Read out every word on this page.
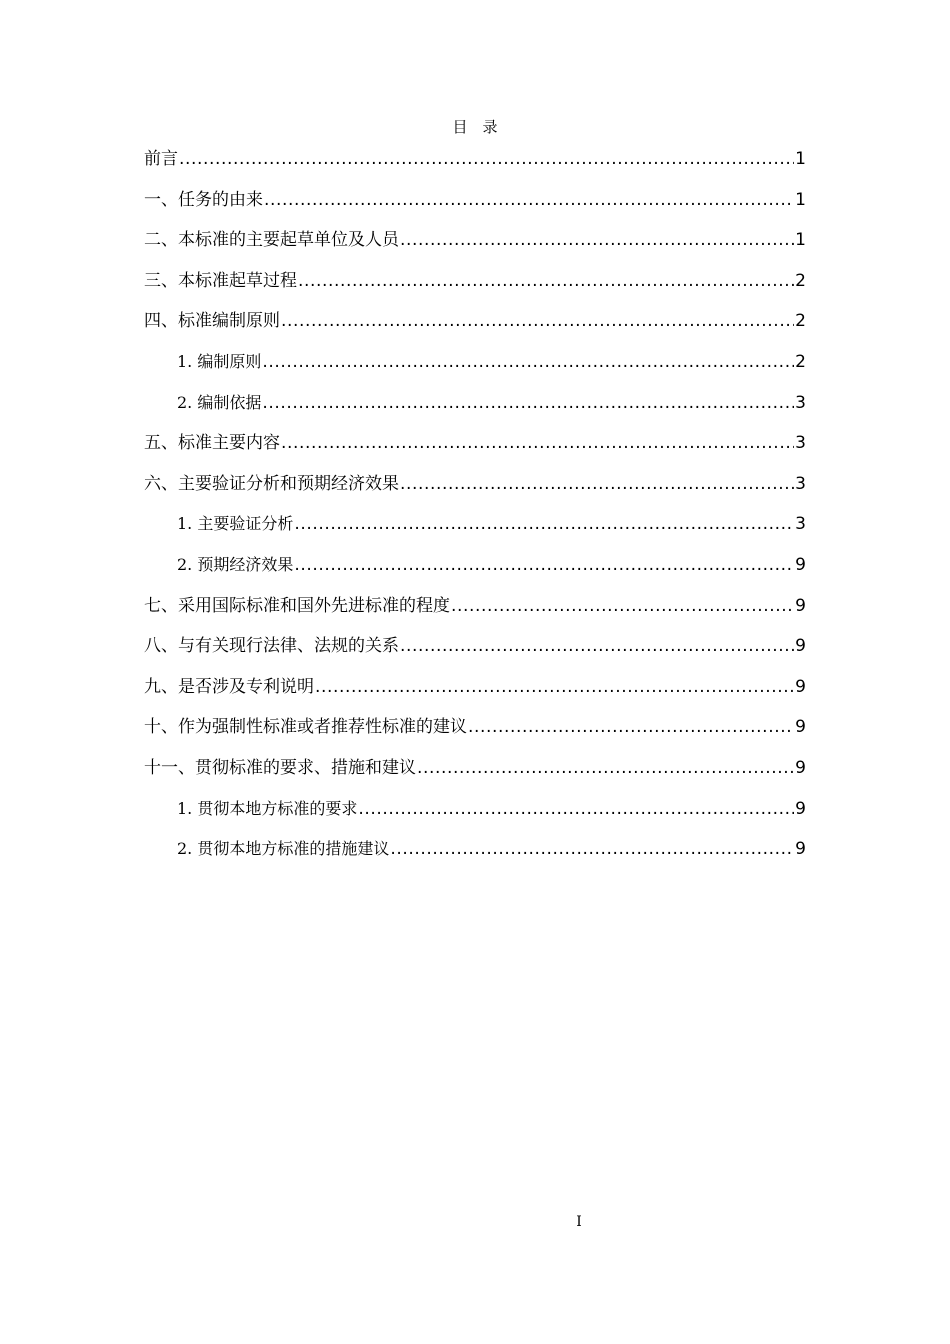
目　录
前言 .....	1
一、任务的由来 .....	1
二、本标准的主要起草单位及人员 .....	1
三、本标准起草过程 .....	2
四、标准编制原则 .....	2
1. 编制原则 .....	2
2. 编制依据 .....	3
五、标准主要内容 .....	3
六、主要验证分析和预期经济效果 .....	3
1. 主要验证分析 .....	3
2. 预期经济效果 .....	9
七、采用国际标准和国外先进标准的程度 .....	9
八、与有关现行法律、法规的关系 .....	9
九、是否涉及专利说明 .....	9
十、作为强制性标准或者推荐性标准的建议 .....	9
十一、贯彻标准的要求、措施和建议 .....	9
1. 贯彻本地方标准的要求 .....	9
2. 贯彻本地方标准的措施建议 .....	9
I
